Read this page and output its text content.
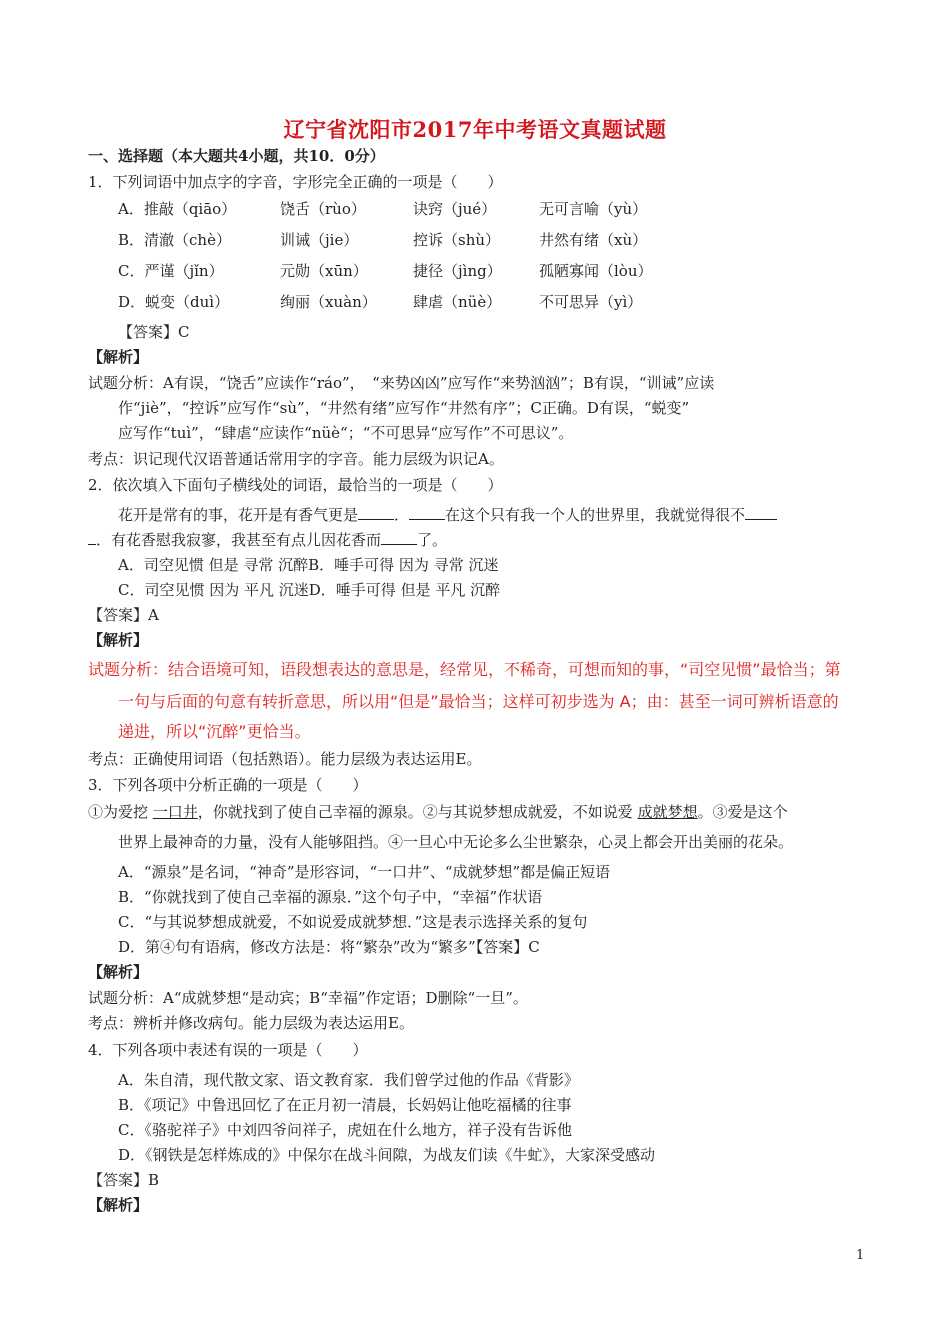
辽宁省沈阳市2017年中考语文真题试题
一、选择题（本大题共4小题，共10．0分）
1．下列词语中加点字的字音，字形完全正确的一项是（　　）
A．推敲（qiāo）	饶舌（rùo）	诀窍（jué）	无可言喻（yù）
B．清澈（chè）	训诫（jie）	控诉（shù）	井然有绪（xù）
C．严谨（jǐn）	元勋（xūn）	捷径（jìng） 孤陋寡闻（lòu）
D．蜕变（duì）	绚丽（xuàn） 肆虐（nüè）	不可思异（yì）
【答案】C
【解析】
试题分析：A有误，“饶舌”应读作“ráo”，　“来势凶凶”应写作“来势汹汹”；B有误，“训诫”应读
作“jiè”，“控诉”应写作“sù”，“井然有绪”应写作“井然有序”；C正确。D有误，“蜕变”
应写作“tuì”，“肆虐“应读作“nüè“；“不可思异“应写作”不可思议”。
考点：识记现代汉语普通话常用字的字音。能力层级为识记A。
2．依次填入下面句子横线处的词语，最恰当的一项是（　　）
花开是常有的事，花开是有香气更是 ． 在这个只有我一个人的世界里，我就觉得很不
．有花香慰我寂寥，我甚至有点儿因花香而 了。
A．司空见惯 但是 寻常 沉醉B．唾手可得 因为 寻常 沉迷
C．司空见惯 因为 平凡 沉迷D．唾手可得 但是 平凡 沉醉
【答案】A
【解析】
试题分析：结合语境可知，语段想表达的意思是，经常见，不稀奇，可想而知的事，“司空见惯”最恰当；第
一句与后面的句意有转折意思，所以用“但是”最恰当；这样可初步选为 A；由：甚至一词可辨析语意的
递进，所以“沉醉”更恰当。
考点：正确使用词语（包括熟语）。能力层级为表达运用E。
3．下列各项中分析正确的一项是（　　）
①为爱挖 一口井，你就找到了使自己幸福的源泉。②与其说梦想成就爱，不如说爱 成就梦想。③爱是这个
世界上最神奇的力量，没有人能够阻挡。④一旦心中无论多么尘世繁杂，心灵上都会开出美丽的花朵。
A．“源泉”是名词，“神奇”是形容词，“一口井”、“成就梦想”都是偏正短语
B．“你就找到了使自己幸福的源泉．”这个句子中，“幸福”作状语
C．“与其说梦想成就爱，不如说爱成就梦想．”这是表示选择关系的复句
D．第④句有语病，修改方法是：将“繁杂”改为“繁多”【答案】C
【解析】
试题分析：A“成就梦想“是动宾；B“幸福”作定语；D删除“一旦”。
考点：辨析并修改病句。能力层级为表达运用E。
4．下列各项中表述有误的一项是（　　）
A．朱自清，现代散文家、语文教育家．我们曾学过他的作品《背影》
B．《项记》中鲁迅回忆了在正月初一清晨，长妈妈让他吃福橘的往事
C．《骆驼祥子》中刘四爷问祥子，虎妞在什么地方，祥子没有告诉他
D．《钢铁是怎样炼成的》中保尔在战斗间隙，为战友们读《牛虻》，大家深受感动
【答案】B
【解析】
1
